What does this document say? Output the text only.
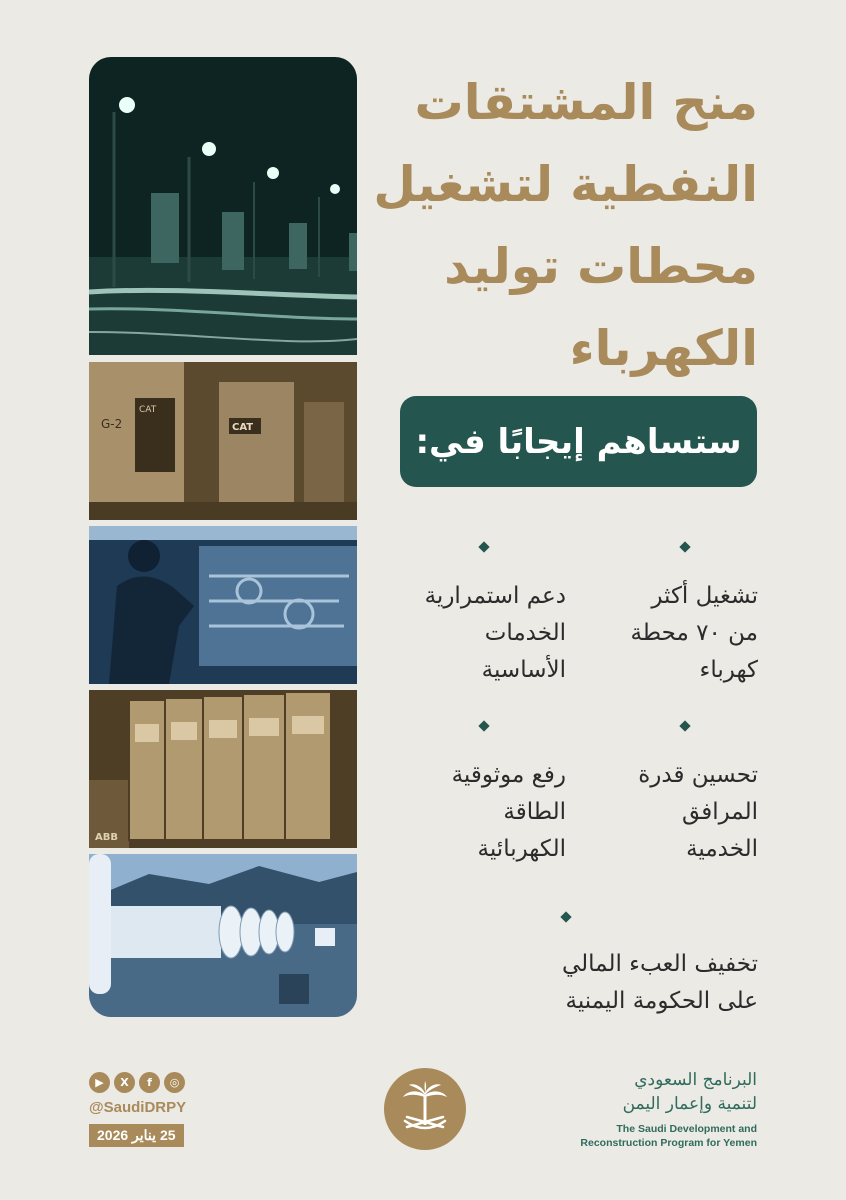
G-2
CAT
CAT
ABB
منح المشتقات
النفطية لتشغيل
محطات توليد
الكهرباء
ستساهم إيجابًا في:
تشغيل أكثر
من ٧٠ محطة
كهرباء
دعم استمرارية
الخدمات
الأساسية
تحسين قدرة
المرافق
الخدمية
رفع موثوقية
الطاقة
الكهربائية
تخفيف العبء المالي
على الحكومة اليمنية
▶	X	f	◎
@SaudiDRPY
25 يناير 2026
البرنامج السعودي
لتنمية وإعمار اليمن
The Saudi Development and
Reconstruction Program for Yemen
